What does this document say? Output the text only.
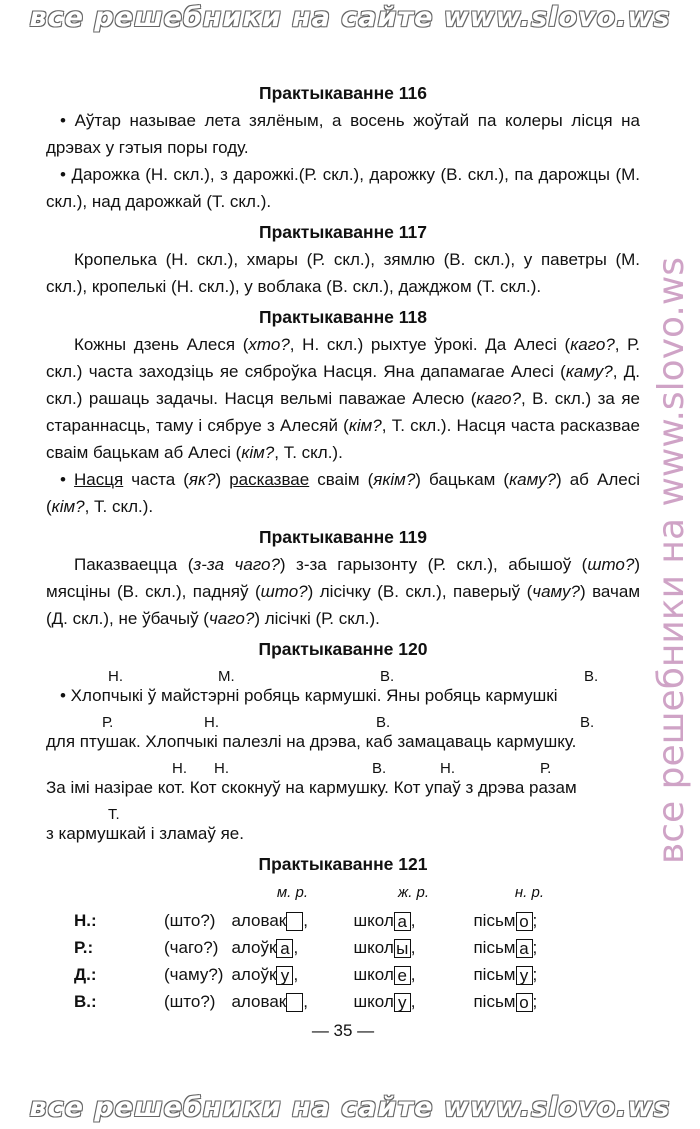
все решебники на сайте www.slovo.ws
все решебники на www.slovo.ws
Практыкаванне 116

• Аўтар называе лета зялёным, а восень жоўтай па колеры лісця на дрэвах у гэтыя поры году.

• Дарожка (Н. скл.), з дарожкі.(Р. скл.), дарожку (В. скл.), па дарожцы (М. скл.), над дарожкай (Т. скл.).

Практыкаванне 117

Кропелька (Н. скл.), хмары (Р. скл.), зямлю (В. скл.), у паветры (М. скл.), кропелькі (Н. скл.), у воблака (В. скл.), дажджом (Т. скл.).

Практыкаванне 118

Кожны дзень Алеся (хто?, Н. скл.) рыхтуе ўрокі. Да Алесі (каго?, Р. скл.) часта заходзіць яе сяброўка Насця. Яна дапамагае Алесі (каму?, Д. скл.) рашаць задачы. Насця вельмі паважае Алесю (каго?, В. скл.) за яе стараннасць, таму і сябруе з Алесяй (кім?, Т. скл.). Насця часта расказвае сваім бацькам аб Алесі (кім?, Т. скл.).

• Насця часта (як?) расказвае сваім (якім?) бацькам (каму?) аб Алесі (кім?, Т. скл.).

Практыкаванне 119

Паказваецца (з-за чаго?) з-за гарызонту (Р. скл.), абышоў (што?) мясціны (В. скл.), падняў (што?) лісічку (В. скл.), паверыў (чаму?) вачам (Д. скл.), не ўбачыў (чаго?) лісічкі (Р. скл.).

Практыкаванне 120
Н.	М.	В.	В.

• Хлопчыкі ў майстэрні робяць кармушкі. Яны робяць кармушкі

Р.	Н.	В.	В.

для птушак. Хлопчыкі палезлі на дрэва, каб замацаваць кармушку.

Н. Н.	В.	Н.	Р.

За імі назірае кот. Кот скокнуў на кармушку. Кот упаў з дрэва разам

Т.

з кармушкай і зламаў яе.

Практыкаванне 121
		м. р.	ж. р.	н. р.
Н.:	(што?)	аловак ,	школ а ,	пісьм о ;
Р.:	(чаго?)	алоўк а ,	школ ы ,	пісьм а ;
Д.:	(чаму?)	алоўк у ,	школ е ,	пісьм у ;
В.:	(што?)	аловак ,	школ у ,	пісьм о ;
— 35 —
все решебники на сайте www.slovo.ws
